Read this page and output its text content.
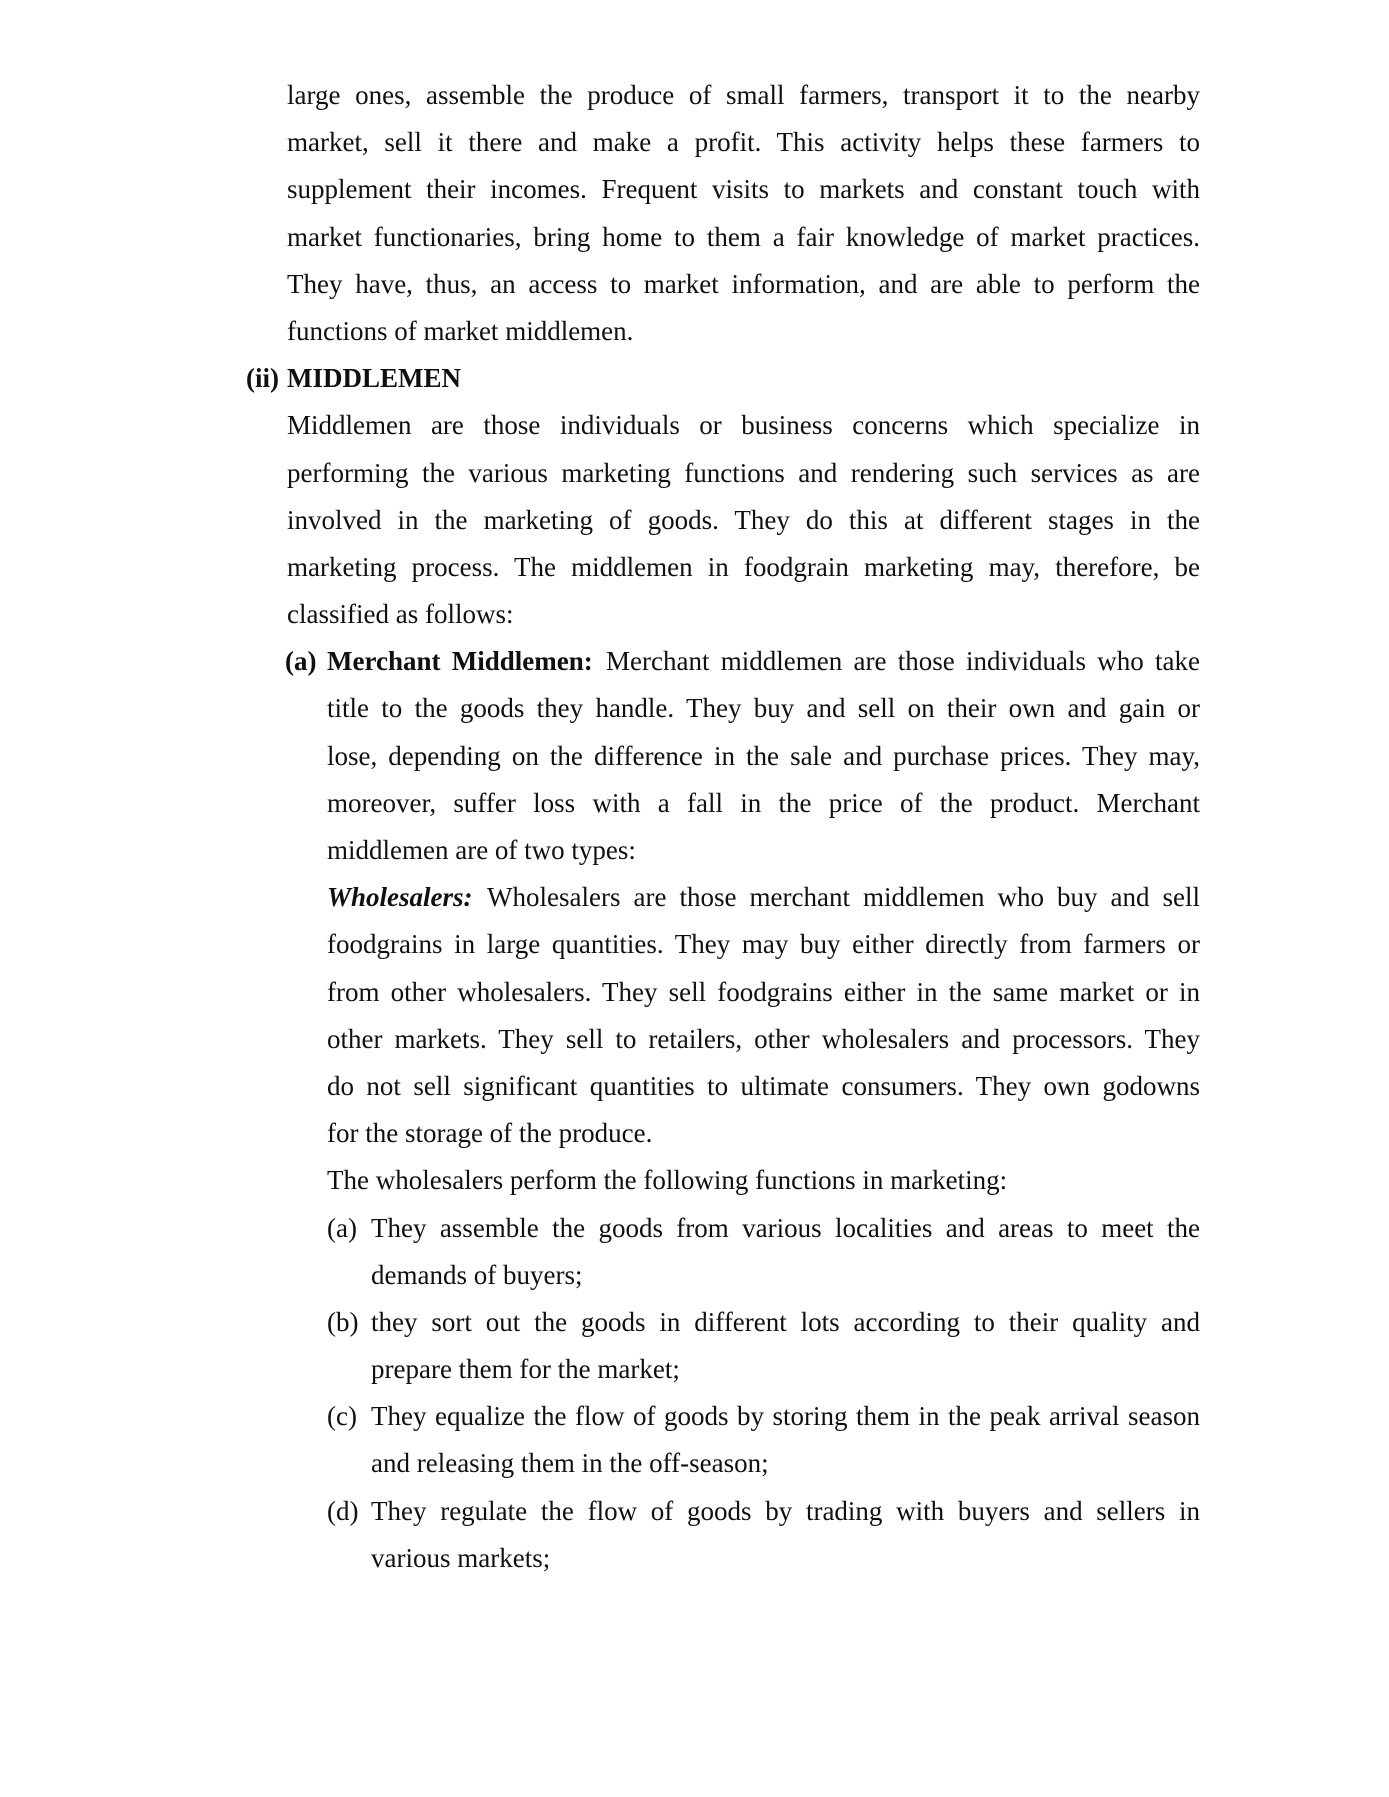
large ones, assemble the produce of small farmers, transport it to the nearby
market, sell it there and make a profit. This activity helps these farmers to
supplement their incomes. Frequent visits to markets and constant touch with
market functionaries, bring home to them a fair knowledge of market practices.
They have, thus, an access to market information, and are able to perform the
functions of market middlemen.
(ii) MIDDLEMEN
Middlemen are those individuals or business concerns which specialize in
performing the various marketing functions and rendering such services as are
involved in the marketing of goods. They do this at different stages in the
marketing process. The middlemen in foodgrain marketing may, therefore, be
classified as follows:
(a) Merchant Middlemen: Merchant middlemen are those individuals who take
title to the goods they handle. They buy and sell on their own and gain or
lose, depending on the difference in the sale and purchase prices. They may,
moreover, suffer loss with a fall in the price of the product. Merchant
middlemen are of two types:
Wholesalers: Wholesalers are those merchant middlemen who buy and sell
foodgrains in large quantities. They may buy either directly from farmers or
from other wholesalers. They sell foodgrains either in the same market or in
other markets. They sell to retailers, other wholesalers and processors. They
do not sell significant quantities to ultimate consumers. They own godowns
for the storage of the produce.
The wholesalers perform the following functions in marketing:
(a) They assemble the goods from various localities and areas to meet the
demands of buyers;
(b) they sort out the goods in different lots according to their quality and
prepare them for the market;
(c) They equalize the flow of goods by storing them in the peak arrival season
and releasing them in the off-season;
(d) They regulate the flow of goods by trading with buyers and sellers in
various markets;
